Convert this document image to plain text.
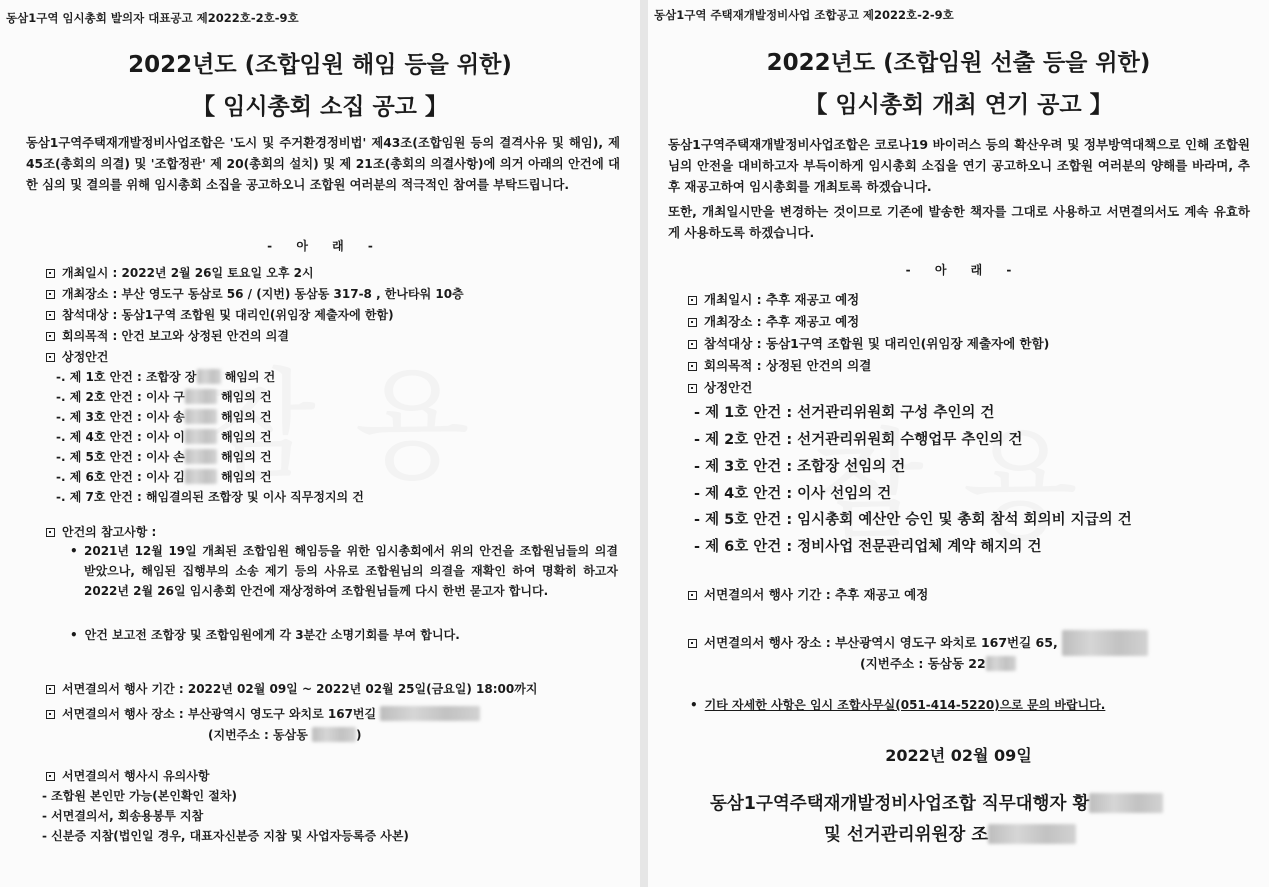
동삼1구역 임시총회 발의자 대표공고 제2022호-2호-9호
2022년도 (조합임원 해임 등을 위한)
【 임시총회 소집 공고 】
동삼1구역주택재개발정비사업조합은 '도시 및 주거환경정비법' 제43조(조합임원 등의 결격사유 및 해임), 제45조(총회의 의결) 및 '조합정관' 제 20(총회의 설치) 및 제 21조(총회의 의결사항)에 의거 아래의 안건에 대한 심의 및 결의를 위해 임시총회 소집을 공고하오니 조합원 여러분의 적극적인 참여를 부탁드립니다.
- 아 래 -
개최일시 : 2022년 2월 26일 토요일 오후 2시
개최장소 : 부산 영도구 동삼로 56 / (지번) 동삼동 317-8 , 한나타워 10층
참석대상 : 동삼1구역 조합원 및 대리인(위임장 제출자에 한함)
회의목적 : 안건 보고와 상정된 안건의 의결
상정안건
-. 제 1호 안건 : 조합장 장 해임의 건
-. 제 2호 안건 : 이사 구	해임의 건
-. 제 3호 안건 : 이사 송	해임의 건
-. 제 4호 안건 : 이사 이	해임의 건
-. 제 5호 안건 : 이사 손	해임의 건
-. 제 6호 안건 : 이사 김	해임의 건
-. 제 7호 안건 : 해임결의된 조합장 및 이사 직무정지의 건
안건의 참고사항 :
• 2021년 12월 19일 개최된 조합임원 해임등을 위한 임시총회에서 위의 안건을 조합원님들의 의결 받았으나, 해임된 집행부의 소송 제기 등의 사유로 조합원님의 의결을 재확인 하여 명확히 하고자 2022년 2월 26일 임시총회 안건에 재상정하여 조합원님들께 다시 한번 묻고자 합니다.
• 안건 보고전 조합장 및 조합임원에게 각 3분간 소명기회를 부여 합니다.
서면결의서 행사 기간 : 2022년 02월 09일 ~ 2022년 02월 25일(금요일) 18:00까지
서면결의서 행사 장소 : 부산광역시 영도구 와치로 167번길
(지번주소 : 동삼동	)
서면결의서 행사시 유의사항
- 조합원 본인만 가능(본인확인 절차)
- 서면결의서, 회송용봉투 지참
- 신분증 지참(법인일 경우, 대표자신분증 지참 및 사업자등록증 사본)
동삼1구역 주택재개발정비사업 조합공고 제2022호-2-9호
2022년도 (조합임원 선출 등을 위한)
【 임시총회 개최 연기 공고 】
동삼1구역주택재개발정비사업조합은 코로나19 바이러스 등의 확산우려 및 정부방역대책으로 인해 조합원님의 안전을 대비하고자 부득이하게 임시총회 소집을 연기 공고하오니 조합원 여러분의 양해를 바라며, 추후 재공고하여 임시총회를 개최토록 하겠습니다.
또한, 개최일시만을 변경하는 것이므로 기존에 발송한 책자를 그대로 사용하고 서면결의서도 계속 유효하게 사용하도록 하겠습니다.
- 아 래 -
개최일시 : 추후 재공고 예정
개최장소 : 추후 재공고 예정
참석대상 : 동삼1구역 조합원 및 대리인(위임장 제출자에 한함)
회의목적 : 상정된 안건의 의결
상정안건
- 제 1호 안건 : 선거관리위원회 구성 추인의 건
- 제 2호 안건 : 선거관리위원회 수행업무 추인의 건
- 제 3호 안건 : 조합장 선임의 건
- 제 4호 안건 : 이사 선임의 건
- 제 5호 안건 : 임시총회 예산안 승인 및 총회 참석 회의비 지급의 건
- 제 6호 안건 : 정비사업 전문관리업체 계약 해지의 건
서면결의서 행사 기간 : 추후 재공고 예정
서면결의서 행사 장소 : 부산광역시 영도구 와치로 167번길 65,
(지번주소 : 동삼동 22
• 기타 자세한 사항은 임시 조합사무실(051-414-5220)으로 문의 바랍니다.
2022년 02월 09일
동삼1구역주택재개발정비사업조합 직무대행자 황
및 선거관리위원장 조
